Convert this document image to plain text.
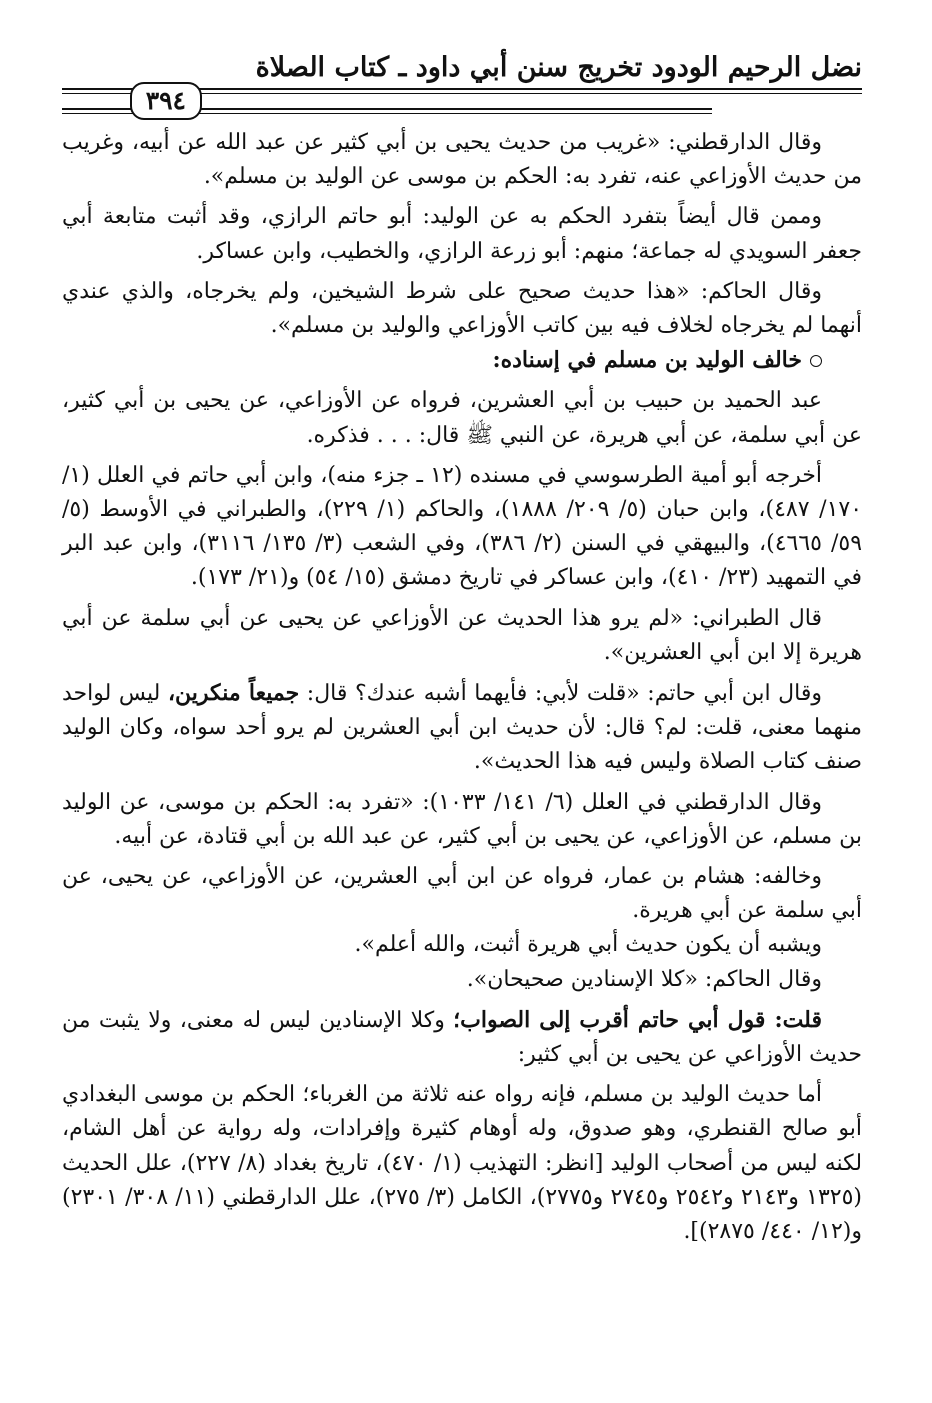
نضل الرحيم الودود تخريج سنن أبي داود ـ كتاب الصلاة
٣٩٤

وقال الدارقطني: «غريب من حديث يحيى بن أبي كثير عن عبد الله عن أبيه، وغريب من حديث الأوزاعي عنه، تفرد به: الحكم بن موسى عن الوليد بن مسلم».

وممن قال أيضاً بتفرد الحكم به عن الوليد: أبو حاتم الرازي، وقد أثبت متابعة أبي جعفر السويدي له جماعة؛ منهم: أبو زرعة الرازي، والخطيب، وابن عساكر.

وقال الحاكم: «هذا حديث صحيح على شرط الشيخين، ولم يخرجاه، والذي عندي أنهما لم يخرجاه لخلاف فيه بين كاتب الأوزاعي والوليد بن مسلم».

خالف الوليد بن مسلم في إسناده:

عبد الحميد بن حبيب بن أبي العشرين، فرواه عن الأوزاعي، عن يحيى بن أبي كثير، عن أبي سلمة، عن أبي هريرة، عن النبي ﷺ قال: . . . فذكره.

أخرجه أبو أمية الطرسوسي في مسنده (١٢ ـ جزء منه)، وابن أبي حاتم في العلل (١/ ١٧٠/ ٤٨٧)، وابن حبان (٥/ ٢٠٩/ ١٨٨٨)، والحاكم (١/ ٢٢٩)، والطبراني في الأوسط (٥/ ٥٩/ ٤٦٦٥)، والبيهقي في السنن (٢/ ٣٨٦)، وفي الشعب (٣/ ١٣٥/ ٣١١٦)، وابن عبد البر في التمهيد (٢٣/ ٤١٠)، وابن عساكر في تاريخ دمشق (١٥/ ٥٤) و(٢١/ ١٧٣).

قال الطبراني: «لم يرو هذا الحديث عن الأوزاعي عن يحيى عن أبي سلمة عن أبي هريرة إلا ابن أبي العشرين».

وقال ابن أبي حاتم: «قلت لأبي: فأيهما أشبه عندك؟ قال: جميعاً منكرين، ليس لواحد منهما معنى، قلت: لم؟ قال: لأن حديث ابن أبي العشرين لم يرو أحد سواه، وكان الوليد صنف كتاب الصلاة وليس فيه هذا الحديث».

وقال الدارقطني في العلل (٦/ ١٤١/ ١٠٣٣): «تفرد به: الحكم بن موسى، عن الوليد بن مسلم، عن الأوزاعي، عن يحيى بن أبي كثير، عن عبد الله بن أبي قتادة، عن أبيه.

وخالفه: هشام بن عمار، فرواه عن ابن أبي العشرين، عن الأوزاعي، عن يحيى، عن أبي سلمة عن أبي هريرة.

ويشبه أن يكون حديث أبي هريرة أثبت، والله أعلم».

وقال الحاكم: «كلا الإسنادين صحيحان».

قلت: قول أبي حاتم أقرب إلى الصواب؛ وكلا الإسنادين ليس له معنى، ولا يثبت من حديث الأوزاعي عن يحيى بن أبي كثير:

أما حديث الوليد بن مسلم، فإنه رواه عنه ثلاثة من الغرباء؛ الحكم بن موسى البغدادي أبو صالح القنطري، وهو صدوق، وله أوهام كثيرة وإفرادات، وله رواية عن أهل الشام، لكنه ليس من أصحاب الوليد [انظر: التهذيب (١/ ٤٧٠)، تاريخ بغداد (٨/ ٢٢٧)، علل الحديث (١٣٢٥ و٢١٤٣ و٢٥٤٢ و٢٧٤٥ و٢٧٧٥)، الكامل (٣/ ٢٧٥)، علل الدارقطني (١١/ ٣٠٨/ ٢٣٠١) و(١٢/ ٤٤٠/ ٢٨٧٥)].
